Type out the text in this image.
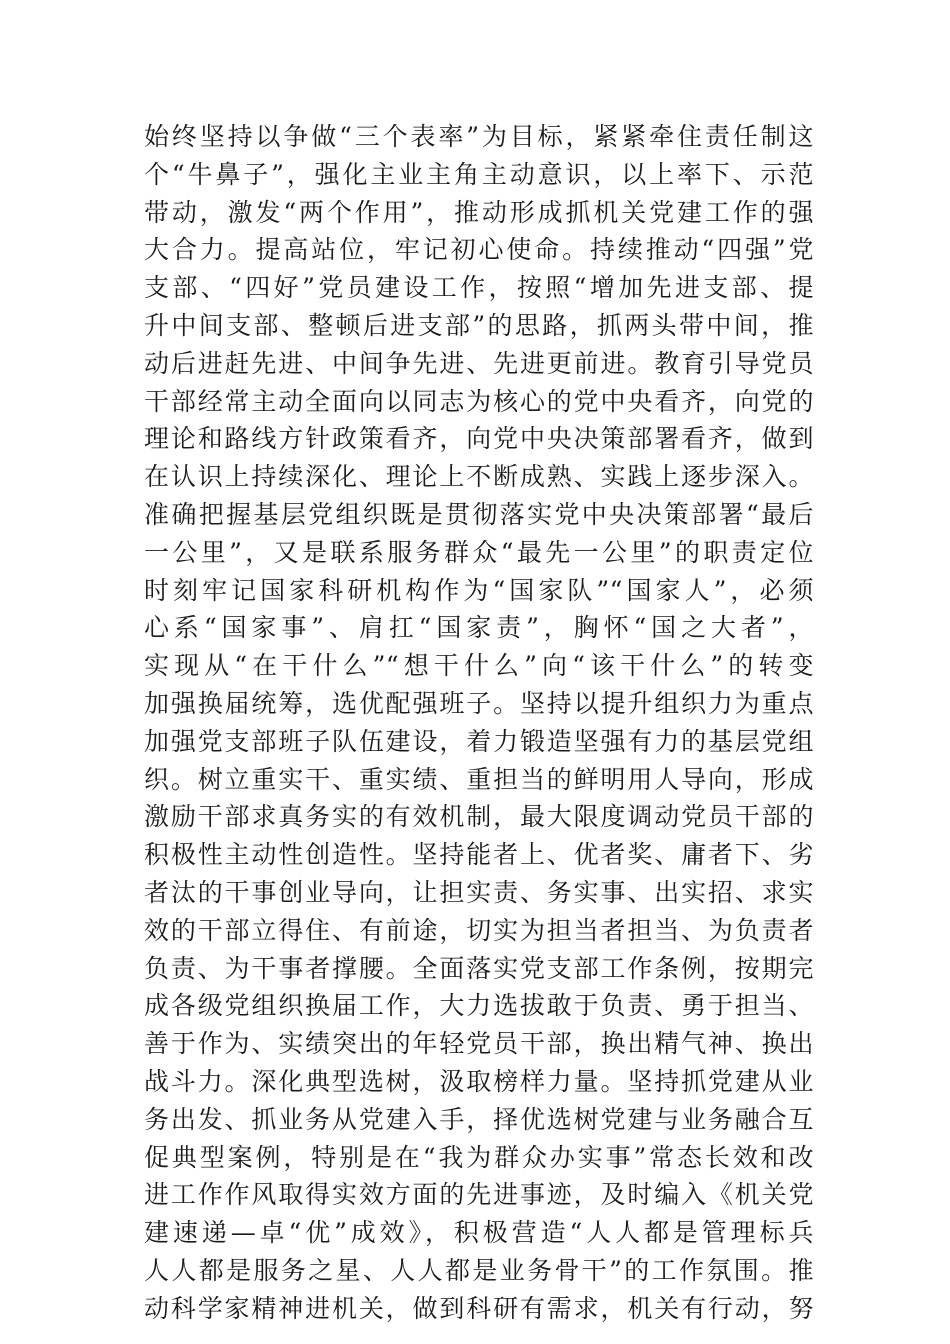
始终坚持以争做“三个表率”为目标，紧紧牵住责任制这
个“牛鼻子”，强化主业主角主动意识，以上率下、示范
带动，激发“两个作用”，推动形成抓机关党建工作的强
大合力。提高站位，牢记初心使命。持续推动“四强”党
支部、“四好”党员建设工作，按照“增加先进支部、提
升中间支部、整顿后进支部”的思路，抓两头带中间，推
动后进赶先进、中间争先进、先进更前进。教育引导党员
干部经常主动全面向以同志为核心的党中央看齐，向党的
理论和路线方针政策看齐，向党中央决策部署看齐，做到
在认识上持续深化、理论上不断成熟、实践上逐步深入。
准确把握基层党组织既是贯彻落实党中央决策部署“最后
一公里”，又是联系服务群众“最先一公里”的职责定位
时刻牢记国家科研机构作为“国家队”“国家人”，必须
心系“国家事”、肩扛“国家责”，胸怀“国之大者”，
实现从“在干什么”“想干什么”向“该干什么”的转变
加强换届统筹，选优配强班子。坚持以提升组织力为重点
加强党支部班子队伍建设，着力锻造坚强有力的基层党组
织。树立重实干、重实绩、重担当的鲜明用人导向，形成
激励干部求真务实的有效机制，最大限度调动党员干部的
积极性主动性创造性。坚持能者上、优者奖、庸者下、劣
者汰的干事创业导向，让担实责、务实事、出实招、求实
效的干部立得住、有前途，切实为担当者担当、为负责者
负责、为干事者撑腰。全面落实党支部工作条例，按期完
成各级党组织换届工作，大力选拔敢于负责、勇于担当、
善于作为、实绩突出的年轻党员干部，换出精气神、换出
战斗力。深化典型选树，汲取榜样力量。坚持抓党建从业
务出发、抓业务从党建入手，择优选树党建与业务融合互
促典型案例，特别是在“我为群众办实事”常态长效和改
进工作作风取得实效方面的先进事迹，及时编入《机关党
建速递—卓“优”成效》，积极营造“人人都是管理标兵
人人都是服务之星、人人都是业务骨干”的工作氛围。推
动科学家精神进机关，做到科研有需求，机关有行动，努
